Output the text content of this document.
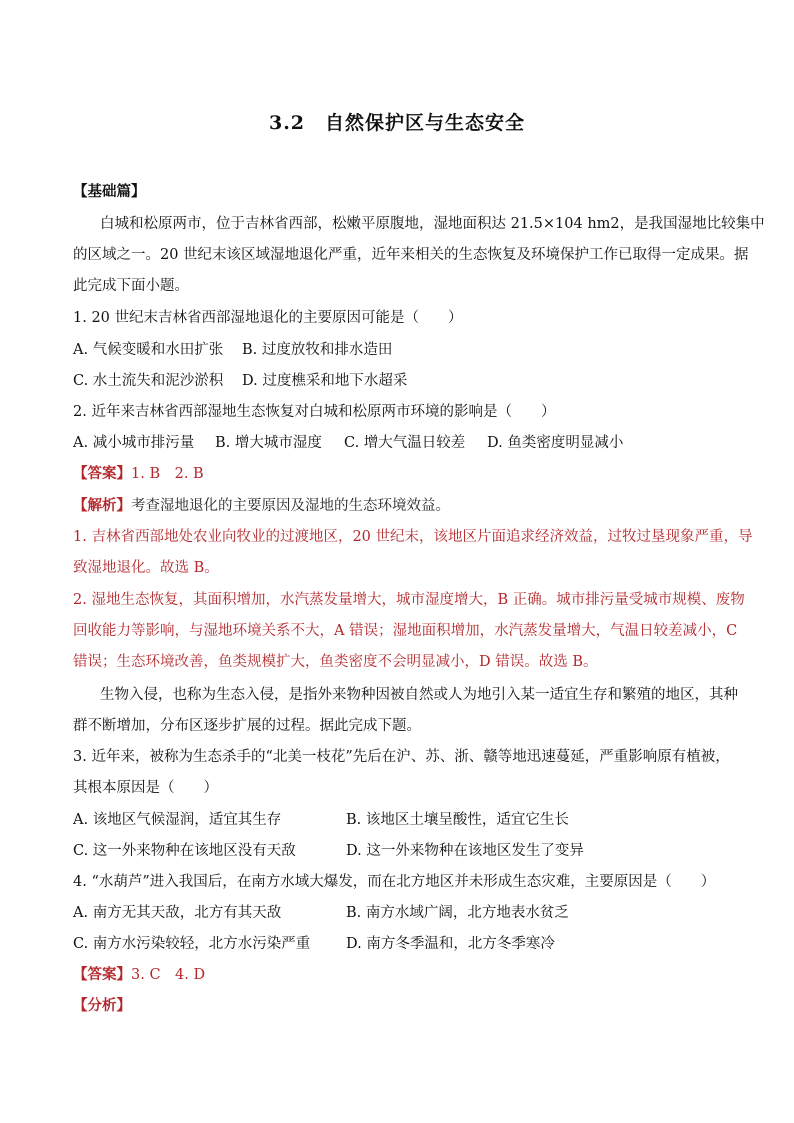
3.2　自然保护区与生态安全
【基础篇】
白城和松原两市，位于吉林省西部，松嫩平原腹地，湿地面积达 21.5×104 hm2，是我国湿地比较集中
的区域之一。20 世纪末该区域湿地退化严重，近年来相关的生态恢复及环境保护工作已取得一定成果。据
此完成下面小题。
1. 20 世纪末吉林省西部湿地退化的主要原因可能是（　　）
A. 气候变暖和水田扩张 B. 过度放牧和排水造田
C. 水土流失和泥沙淤积 D. 过度樵采和地下水超采
2. 近年来吉林省西部湿地生态恢复对白城和松原两市环境的影响是（　　）
A. 减小城市排污量 B. 增大城市湿度 C. 增大气温日较差 D. 鱼类密度明显减小
【答案】1. B　2. B
【解析】考查湿地退化的主要原因及湿地的生态环境效益。
1. 吉林省西部地处农业向牧业的过渡地区，20 世纪末，该地区片面追求经济效益，过牧过垦现象严重，导
致湿地退化。故选 B。
2. 湿地生态恢复，其面积增加，水汽蒸发量增大，城市湿度增大，B 正确。城市排污量受城市规模、废物
回收能力等影响，与湿地环境关系不大，A 错误；湿地面积增加，水汽蒸发量增大，气温日较差减小，C
错误；生态环境改善，鱼类规模扩大，鱼类密度不会明显减小，D 错误。故选 B。
生物入侵，也称为生态入侵，是指外来物种因被自然或人为地引入某一适宜生存和繁殖的地区，其种
群不断增加，分布区逐步扩展的过程。据此完成下题。
3. 近年来，被称为生态杀手的“北美一枝花”先后在沪、苏、浙、赣等地迅速蔓延，严重影响原有植被，
其根本原因是（　　）
A. 该地区气候湿润，适宜其生存	B. 该地区土壤呈酸性，适宜它生长
C. 这一外来物种在该地区没有天敌	D. 这一外来物种在该地区发生了变异
4. “水葫芦”进入我国后，在南方水域大爆发，而在北方地区并未形成生态灾难，主要原因是（　　）
A. 南方无其天敌，北方有其天敌	B. 南方水域广阔，北方地表水贫乏
C. 南方水污染较轻，北方水污染严重 D. 南方冬季温和，北方冬季寒冷
【答案】3. C　4. D
【分析】
